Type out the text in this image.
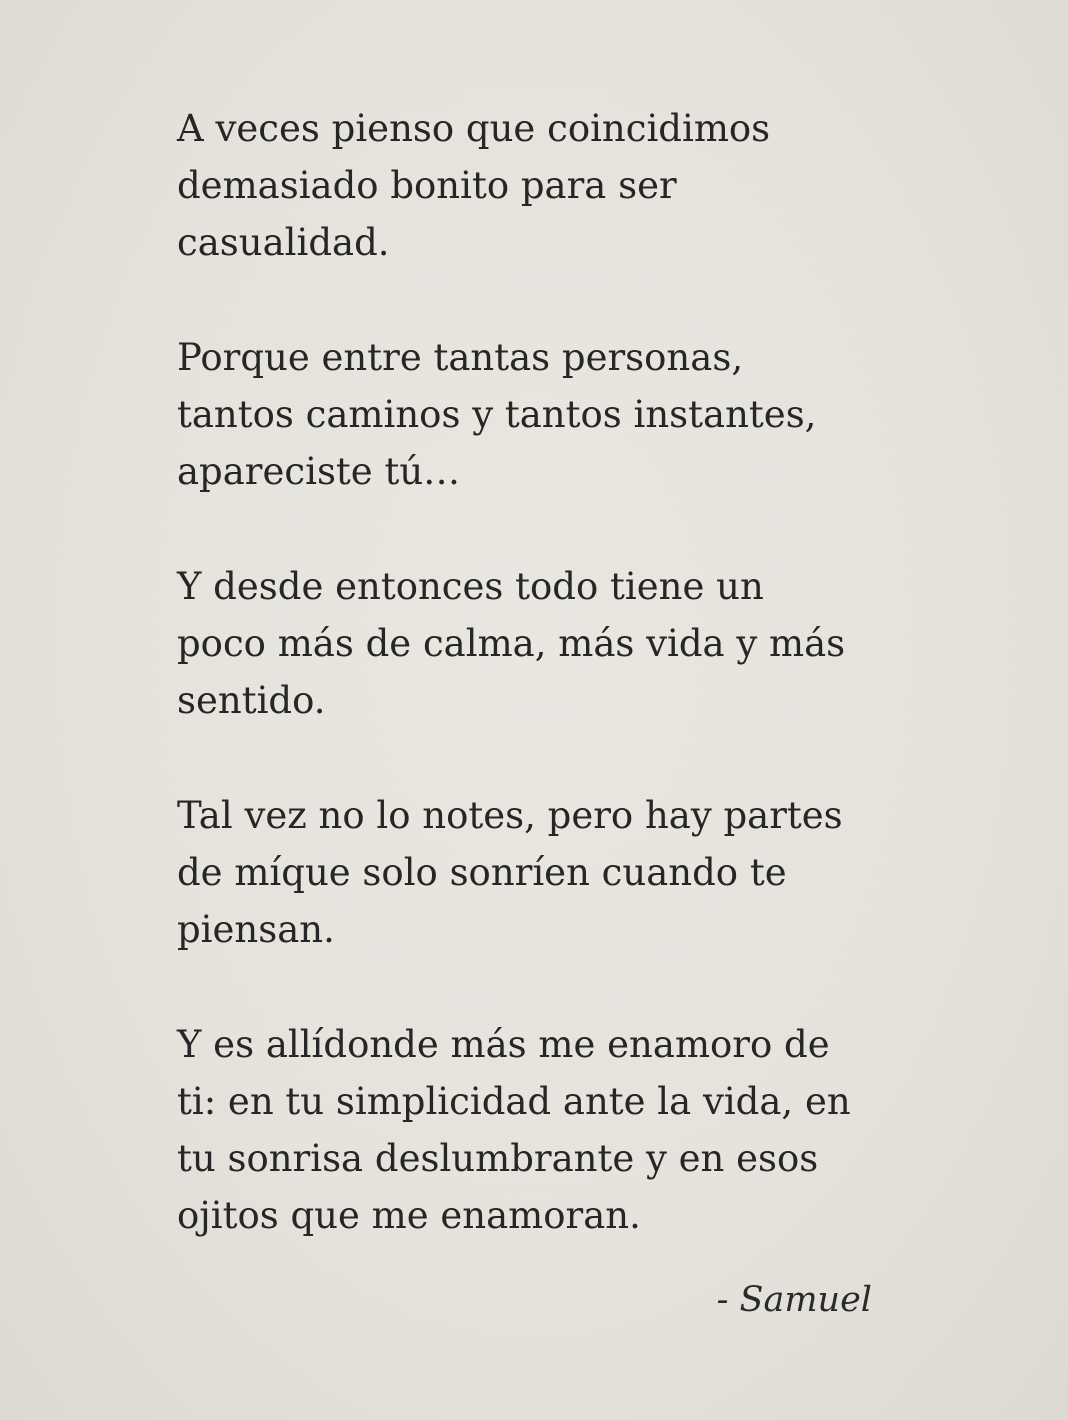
A veces pienso que coincidimos
demasiado bonito para ser
casualidad.

Porque entre tantas personas,
tantos caminos y tantos instantes,
apareciste tú…

Y desde entonces todo tiene un
poco más de calma, más vida y más
sentido.

Tal vez no lo notes, pero hay partes
de míque solo sonríen cuando te
piensan.

Y es allídonde más me enamoro de
ti: en tu simplicidad ante la vida, en
tu sonrisa deslumbrante y en esos
ojitos que me enamoran.

- Samuel
